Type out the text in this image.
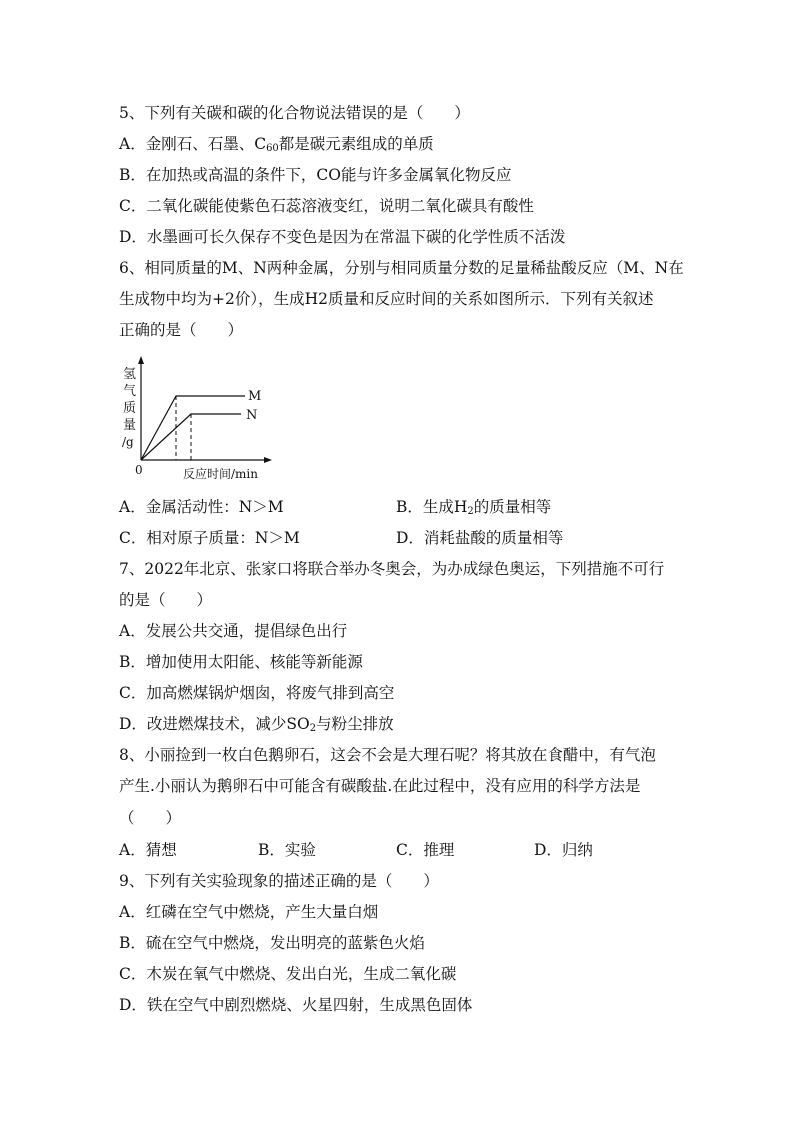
5、下列有关碳和碳的化合物说法错误的是（　　）
A．金刚石、石墨、$C_{60}$都是碳元素组成的单质
B．在加热或高温的条件下，CO能与许多金属氧化物反应
C．二氧化碳能使紫色石蕊溶液变红，说明二氧化碳具有酸性
D．水墨画可长久保存不变色是因为在常温下碳的化学性质不活泼
6、相同质量的M、N两种金属，分别与相同质量分数的足量稀盐酸反应（M、N在
生成物中均为+2价），生成H2质量和反应时间的关系如图所示．下列有关叙述
正确的是（　　）
M
N
氢
气
质
量
/g
0	反应时间/min
A．金属活动性：N＞M	B．生成$H_2$的质量相等
C．相对原子质量：N＞M	D．消耗盐酸的质量相等
7、2022年北京、张家口将联合举办冬奥会，为办成绿色奥运，下列措施不可行
的是（　　）
A．发展公共交通，提倡绿色出行
B．增加使用太阳能、核能等新能源
C．加高燃煤锅炉烟囱，将废气排到高空
D．改进燃煤技术，减少$SO_2$与粉尘排放
8、小丽捡到一枚白色鹅卵石，这会不会是大理石呢？将其放在食醋中，有气泡
产生.小丽认为鹅卵石中可能含有碳酸盐.在此过程中，没有应用的科学方法是
（　　）
A．猜想	B．实验	C．推理	D．归纳
9、下列有关实验现象的描述正确的是（　　）
A．红磷在空气中燃烧，产生大量白烟
B．硫在空气中燃烧，发出明亮的蓝紫色火焰
C．木炭在氧气中燃烧、发出白光，生成二氧化碳
D．铁在空气中剧烈燃烧、火星四射，生成黑色固体
